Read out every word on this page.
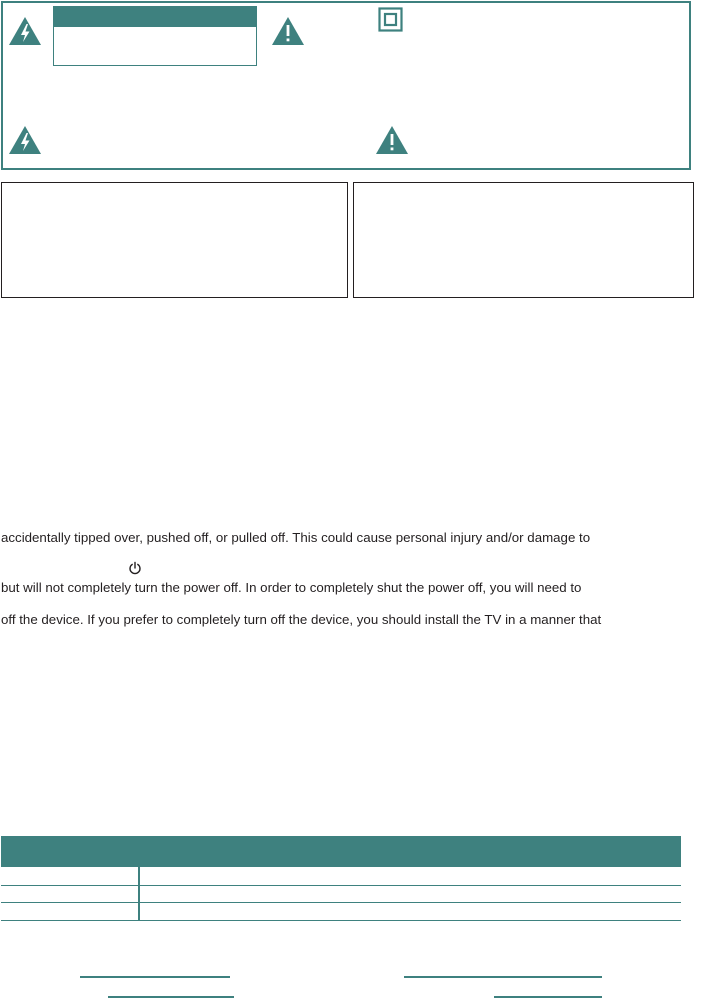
accidentally tipped over, pushed off, or pulled off. This could cause personal injury and/or damage to
but will not completely turn the power off. In order to completely shut the power off, you will need to
off the device. If you prefer to completely turn off the device, you should install the TV in a manner that
